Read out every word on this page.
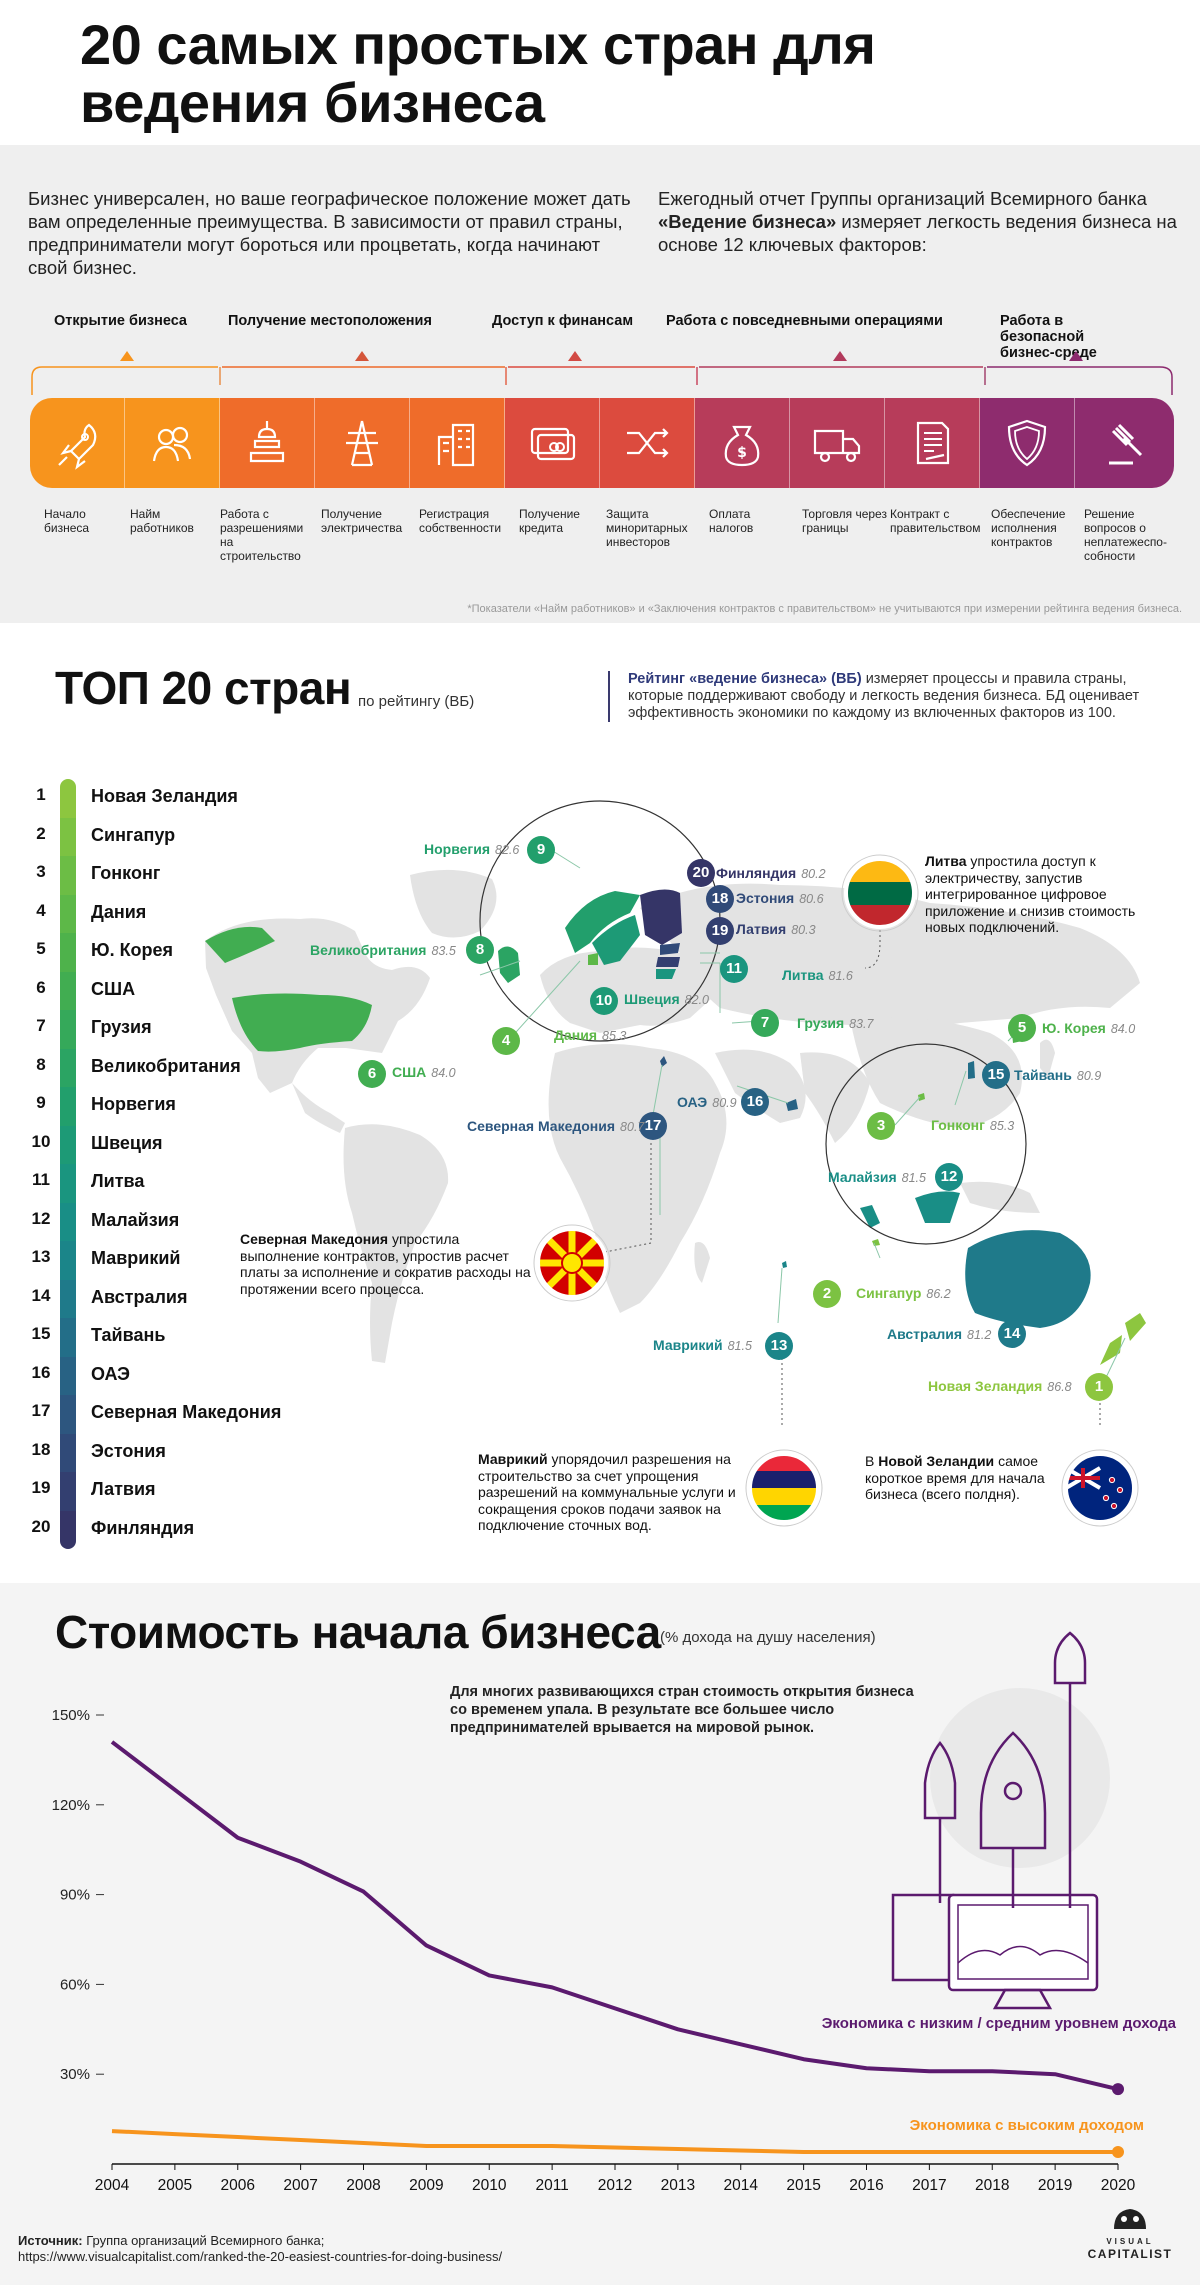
20 самых простых стран для ведения бизнеса

Бизнес универсален, но ваше географическое положение может дать вам определенные преимущества. В зависимости от правил страны, предприниматели могут бороться или процветать, когда начинают свой бизнес.

Ежегодный отчет Группы организаций Всемирного банка «Ведение бизнеса» измеряет легкость ведения бизнеса на основе 12 ключевых факторов:

Открытие бизнеса	Получение местоположения	Доступ к финансам Работа с повседневными операциями	Работа в безопасной бизнес-среде
$
Начало бизнеса
Найм работников
Работа с разрешениями на строительство
Получение электричества
Регистрация собственности
Получение кредита
Защита миноритарных инвесторов
Оплата налогов
Торговля через границы
Контракт с правительством
Обеспечение исполнения контрактов
Решение вопросов о неплатежеспо-собности
*Показатели «Найм работников» и «Заключения контрактов с правительством» не учитываются при измерении рейтинга ведения бизнеса.
ТОП 20 стран по рейтингу (ВБ)
Рейтинг «ведение бизнеса» (ВБ) измеряет процессы и правила страны, которые поддерживают свободу и легкость ведения бизнеса. БД оценивает эффективность экономики по каждому из включенных факторов из 100.
1	Новая Зеландия
2	Сингапур
3	Гонконг
4	Дания
5	Ю. Корея
6	США
7	Грузия
8	Великобритания
9	Норвегия
10 Швеция
11 Литва
12 Малайзия
13 Маврикий
14 Австралия
15 Тайвань
16 ОАЭ
17 Северная Македония
18 Эстония
19 Латвия
20 Финляндия
9
Норвегия 82.6
20 Финляндия 80.2
18 Эстония 80.6
19 Латвия 80.3
8
Великобритания 83.5
11	Литва 81.6
10 Швеция 82.0
4	Дания 85.3
7	Грузия 83.7
6	США 84.0
5	Ю. Корея 84.0
15 Тайвань 80.9
16
ОАЭ 80.9
17
Северная Македония 80.7	3	Гонконг 85.3
12
Малайзия 81.5
2	Сингапур 86.2
14
Австралия 81.2
13
Маврикий 81.5
1
Новая Зеландия 86.8
Литва упростила доступ к электричеству, запустив интегрированное цифровое приложение и снизив стоимость новых подключений.
Северная Македония упростила выполнение контрактов, упростив расчет платы за исполнение и сократив расходы на протяжении всего процесса.
Маврикий упорядочил разрешения на строительство за счет упрощения разрешений на коммунальные услуги и сокращения сроков подачи заявок на подключение сточных вод.
В Новой Зеландии самое короткое время для начала бизнеса (всего полдня).
Стоимость начала бизнеса (% дохода на душу населения)
Для многих развивающихся стран стоимость открытия бизнеса со временем упала. В результате все большее число предпринимателей врывается на мировой рынок.
30%
60%
90%
120%
150%
2004 2005 2006 2007 2008 2009 2010 2011 2012 2013 2014 2015 2016 2017 2018 2019 2020
Экономика с низким / средним уровнем дохода
Экономика с высоким доходом
Источник: Группа организаций Всемирного банка;
https://www.visualcapitalist.com/ranked-the-20-easiest-countries-for-doing-business/
VISUAL
CAPITALIST
